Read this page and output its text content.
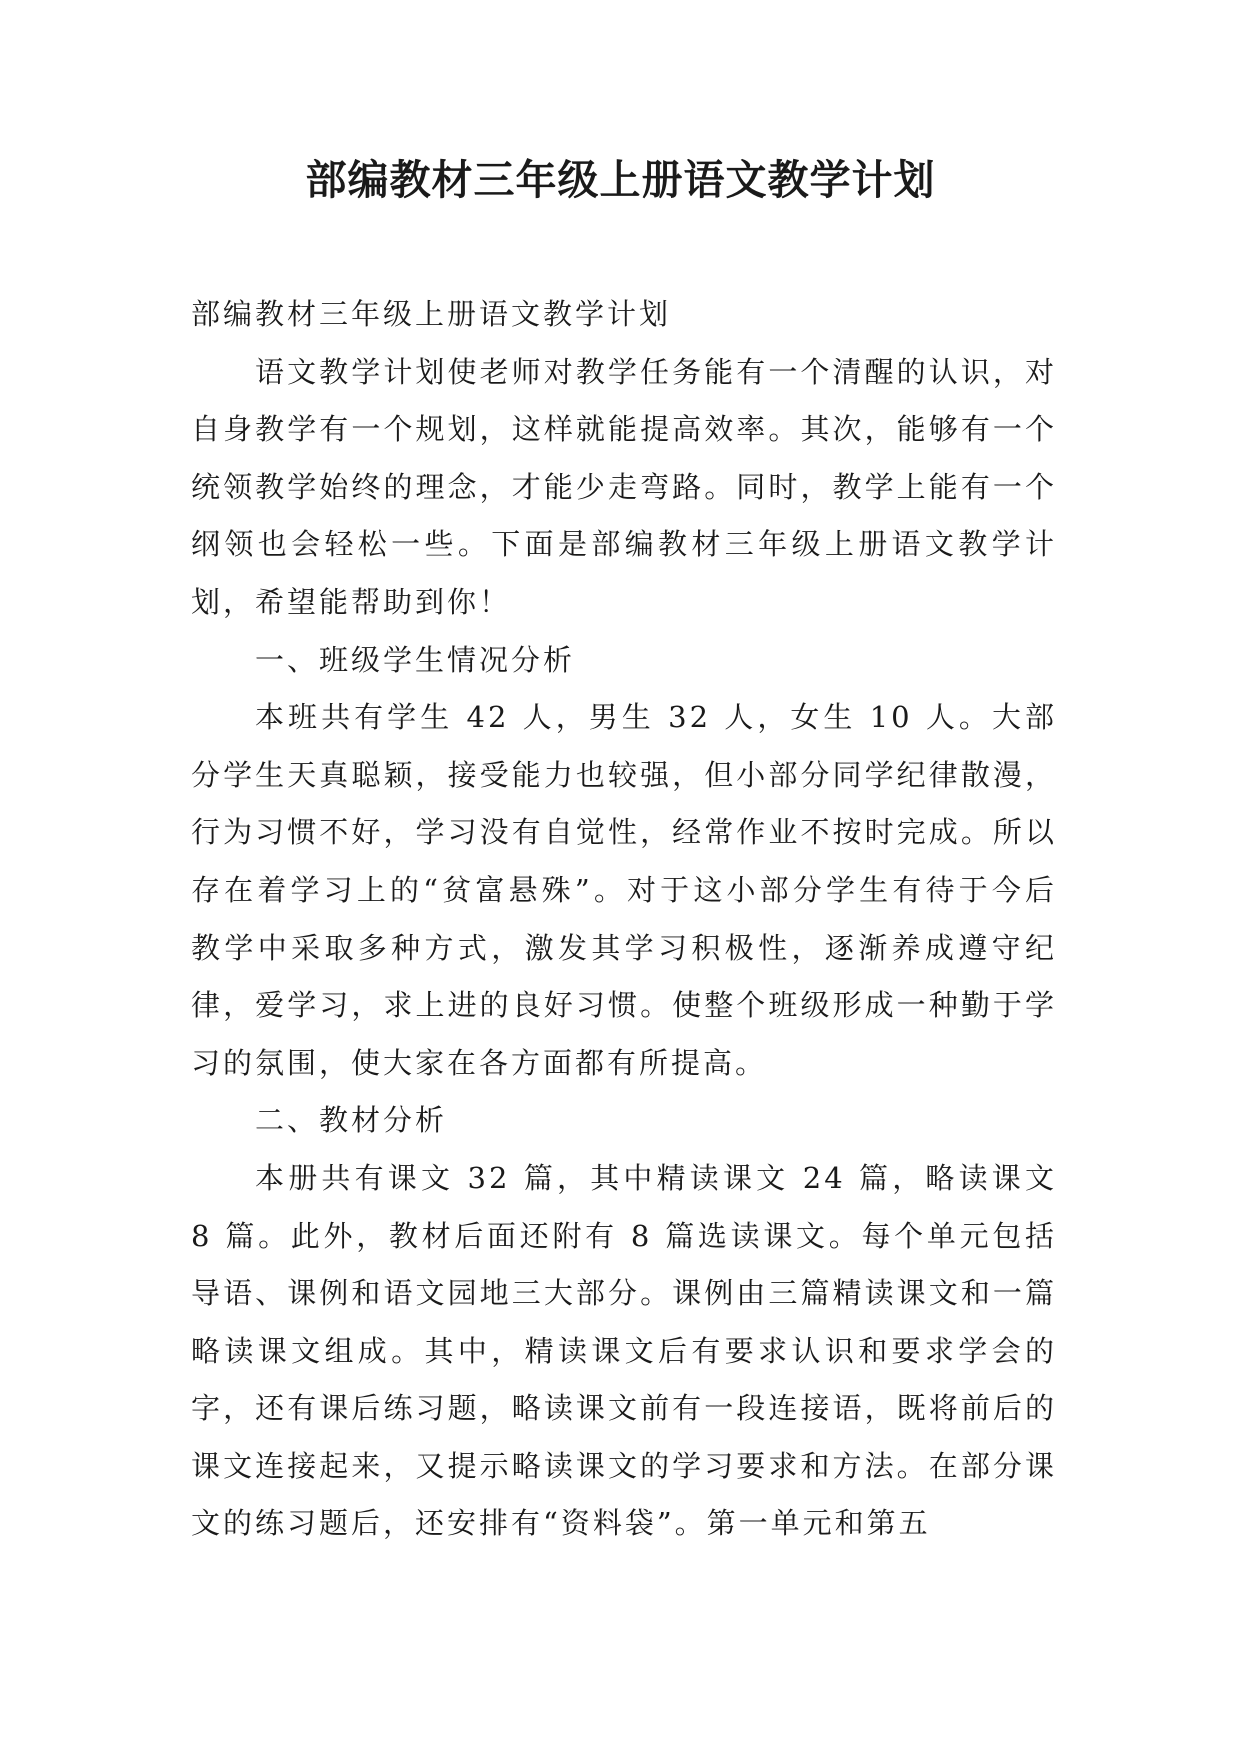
部编教材三年级上册语文教学计划

部编教材三年级上册语文教学计划

语文教学计划使老师对教学任务能有一个清醒的认识，对自身教学有一个规划，这样就能提高效率。其次，能够有一个统领教学始终的理念，才能少走弯路。同时，教学上能有一个纲领也会轻松一些。下面是部编教材三年级上册语文教学计划，希望能帮助到你！

一、班级学生情况分析

本班共有学生 42 人，男生 32 人，女生 10 人。大部分学生天真聪颖，接受能力也较强，但小部分同学纪律散漫，行为习惯不好，学习没有自觉性，经常作业不按时完成。所以存在着学习上的“贫富悬殊”。对于这小部分学生有待于今后教学中采取多种方式，激发其学习积极性，逐渐养成遵守纪律，爱学习，求上进的良好习惯。使整个班级形成一种勤于学习的氛围，使大家在各方面都有所提高。

二、教材分析

本册共有课文 32 篇，其中精读课文 24 篇，略读课文 8 篇。此外，教材后面还附有 8 篇选读课文。每个单元包括导语、课例和语文园地三大部分。课例由三篇精读课文和一篇略读课文组成。其中，精读课文后有要求认识和要求学会的字，还有课后练习题，略读课文前有一段连接语，既将前后的课文连接起来，又提示略读课文的学习要求和方法。在部分课文的练习题后，还安排有“资料袋”。第一单元和第五
